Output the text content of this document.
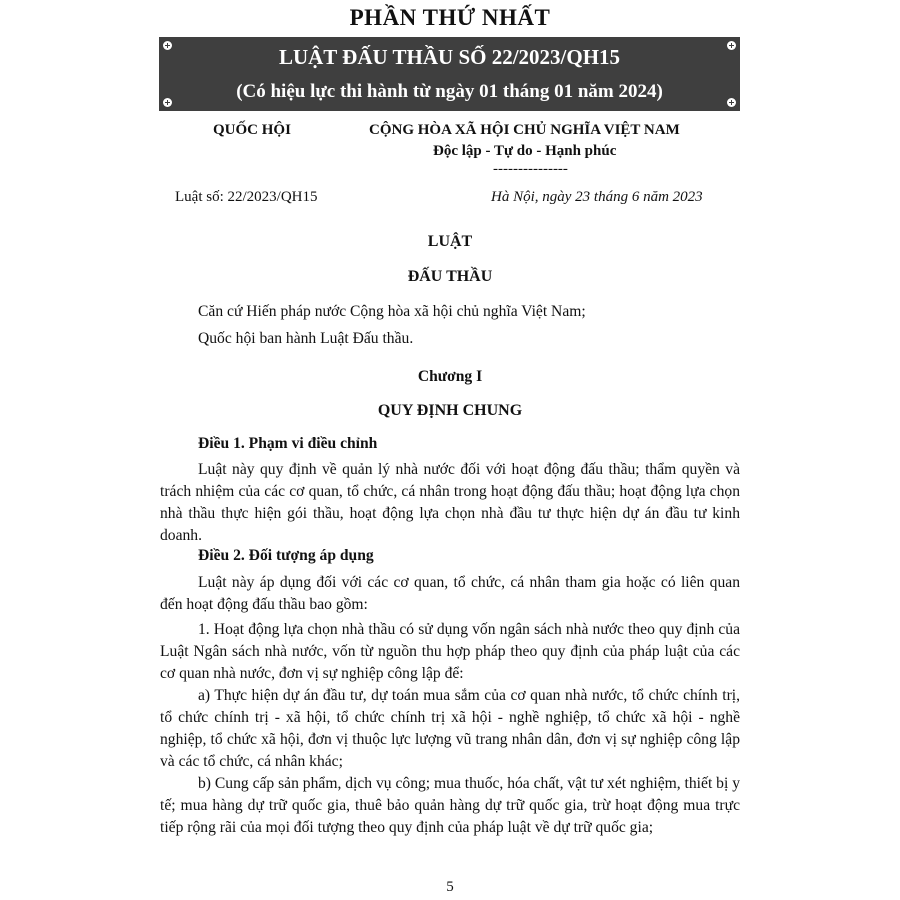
PHẦN THỨ NHẤT
LUẬT ĐẤU THẦU SỐ 22/2023/QH15
(Có hiệu lực thi hành từ ngày 01 tháng 01 năm 2024)
QUỐC HỘI	CỘNG HÒA XÃ HỘI CHỦ NGHĨA VIỆT NAM
Độc lập - Tự do - Hạnh phúc
---------------
Luật số: 22/2023/QH15	Hà Nội, ngày 23 tháng 6 năm 2023
LUẬT
ĐẤU THẦU
Căn cứ Hiến pháp nước Cộng hòa xã hội chủ nghĩa Việt Nam;
Quốc hội ban hành Luật Đấu thầu.
Chương I
QUY ĐỊNH CHUNG
Điều 1. Phạm vi điều chỉnh

Luật này quy định về quản lý nhà nước đối với hoạt động đấu thầu; thẩm quyền và trách nhiệm của các cơ quan, tổ chức, cá nhân trong hoạt động đấu thầu; hoạt động lựa chọn nhà thầu thực hiện gói thầu, hoạt động lựa chọn nhà đầu tư thực hiện dự án đầu tư kinh doanh.

Điều 2. Đối tượng áp dụng

Luật này áp dụng đối với các cơ quan, tổ chức, cá nhân tham gia hoặc có liên quan đến hoạt động đấu thầu bao gồm:

1. Hoạt động lựa chọn nhà thầu có sử dụng vốn ngân sách nhà nước theo quy định của Luật Ngân sách nhà nước, vốn từ nguồn thu hợp pháp theo quy định của pháp luật của các cơ quan nhà nước, đơn vị sự nghiệp công lập để:

a) Thực hiện dự án đầu tư, dự toán mua sắm của cơ quan nhà nước, tổ chức chính trị, tổ chức chính trị - xã hội, tổ chức chính trị xã hội - nghề nghiệp, tổ chức xã hội - nghề nghiệp, tổ chức xã hội, đơn vị thuộc lực lượng vũ trang nhân dân, đơn vị sự nghiệp công lập và các tổ chức, cá nhân khác;

b) Cung cấp sản phẩm, dịch vụ công; mua thuốc, hóa chất, vật tư xét nghiệm, thiết bị y tế; mua hàng dự trữ quốc gia, thuê bảo quản hàng dự trữ quốc gia, trừ hoạt động mua trực tiếp rộng rãi của mọi đối tượng theo quy định của pháp luật về dự trữ quốc gia;

5
